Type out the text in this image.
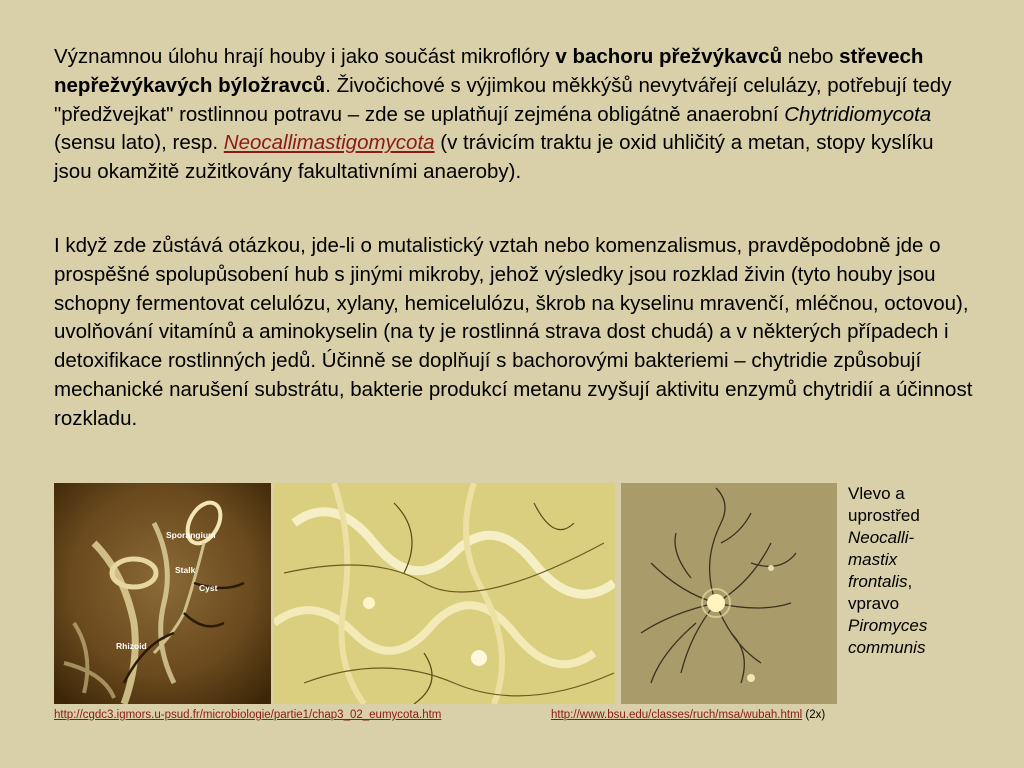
Významnou úlohu hrají houby i jako součást mikroflóry v bachoru přežvýkavců nebo střevech nepřežvýkavých býložravců. Živočichové s výjimkou měkkýšů nevytvářejí celulázy, potřebují tedy "předžvejkat" rostlinnou potravu – zde se uplatňují zejména obligátně anaerobní Chytridiomycota (sensu lato), resp. Neocallimastigomycota (v trávicím traktu je oxid uhličitý a metan, stopy kyslíku jsou okamžitě zužitkovány fakultativními anaeroby).

I když zde zůstává otázkou, jde-li o mutalistický vztah nebo komenzalismus, pravděpodobně jde o prospěšné spolupůsobení hub s jinými mikroby, jehož výsledky jsou rozklad živin (tyto houby jsou schopny fermentovat celulózu, xylany, hemicelulózu, škrob na kyselinu mravenčí, mléčnou, octovou), uvolňování vitamínů a aminokyselin (na ty je rostlinná strava dost chudá) a v některých případech i detoxifikace rostlinných jedů. Účinně se doplňují s bachorovými bakteriemi – chytridie způsobují mechanické narušení substrátu, bakterie produkcí metanu zvyšují aktivitu enzymů chytridií a účinnost rozkladu.

Sporangium
Stalk
Cyst
Rhizoid
Vlevo a
uprostřed
Neocalli-
mastix
frontalis,
vpravo
Piromyces
communis
http://cgdc3.igmors.u-psud.fr/microbiologie/partie1/chap3_02_eumycota.htm	http://www.bsu.edu/classes/ruch/msa/wubah.html (2x)
